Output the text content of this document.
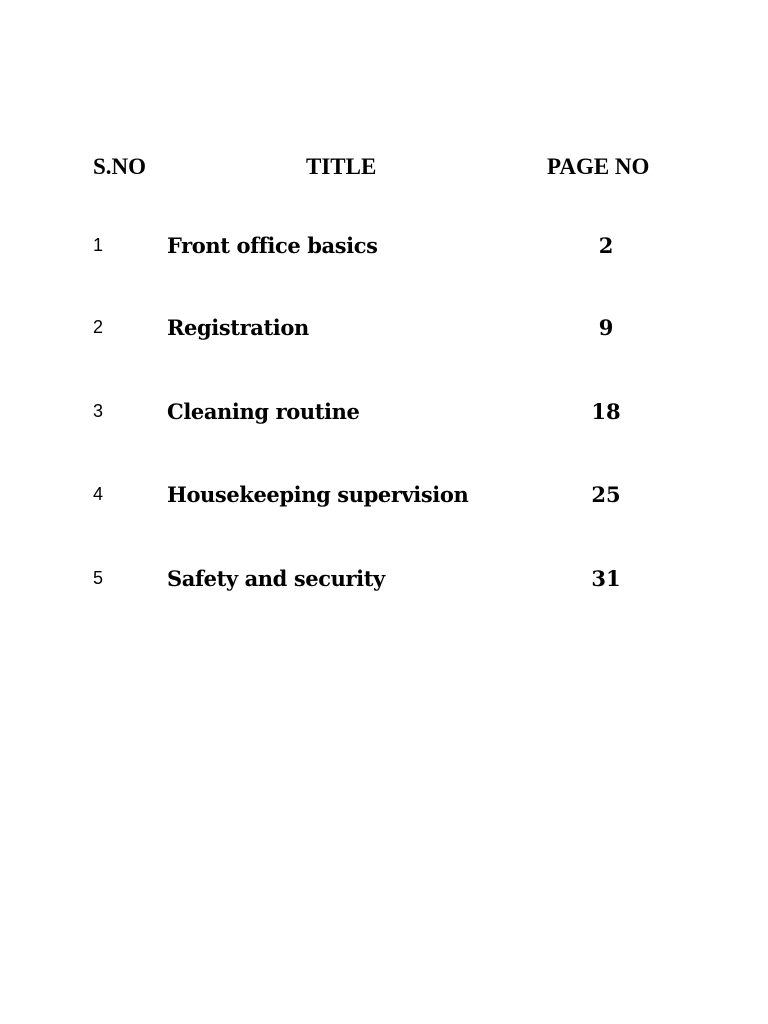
S.NO	TITLE	PAGE NO
1	Front office basics	2
2	Registration	9
3	Cleaning routine	18
4	Housekeeping supervision	25
5	Safety and security	31
